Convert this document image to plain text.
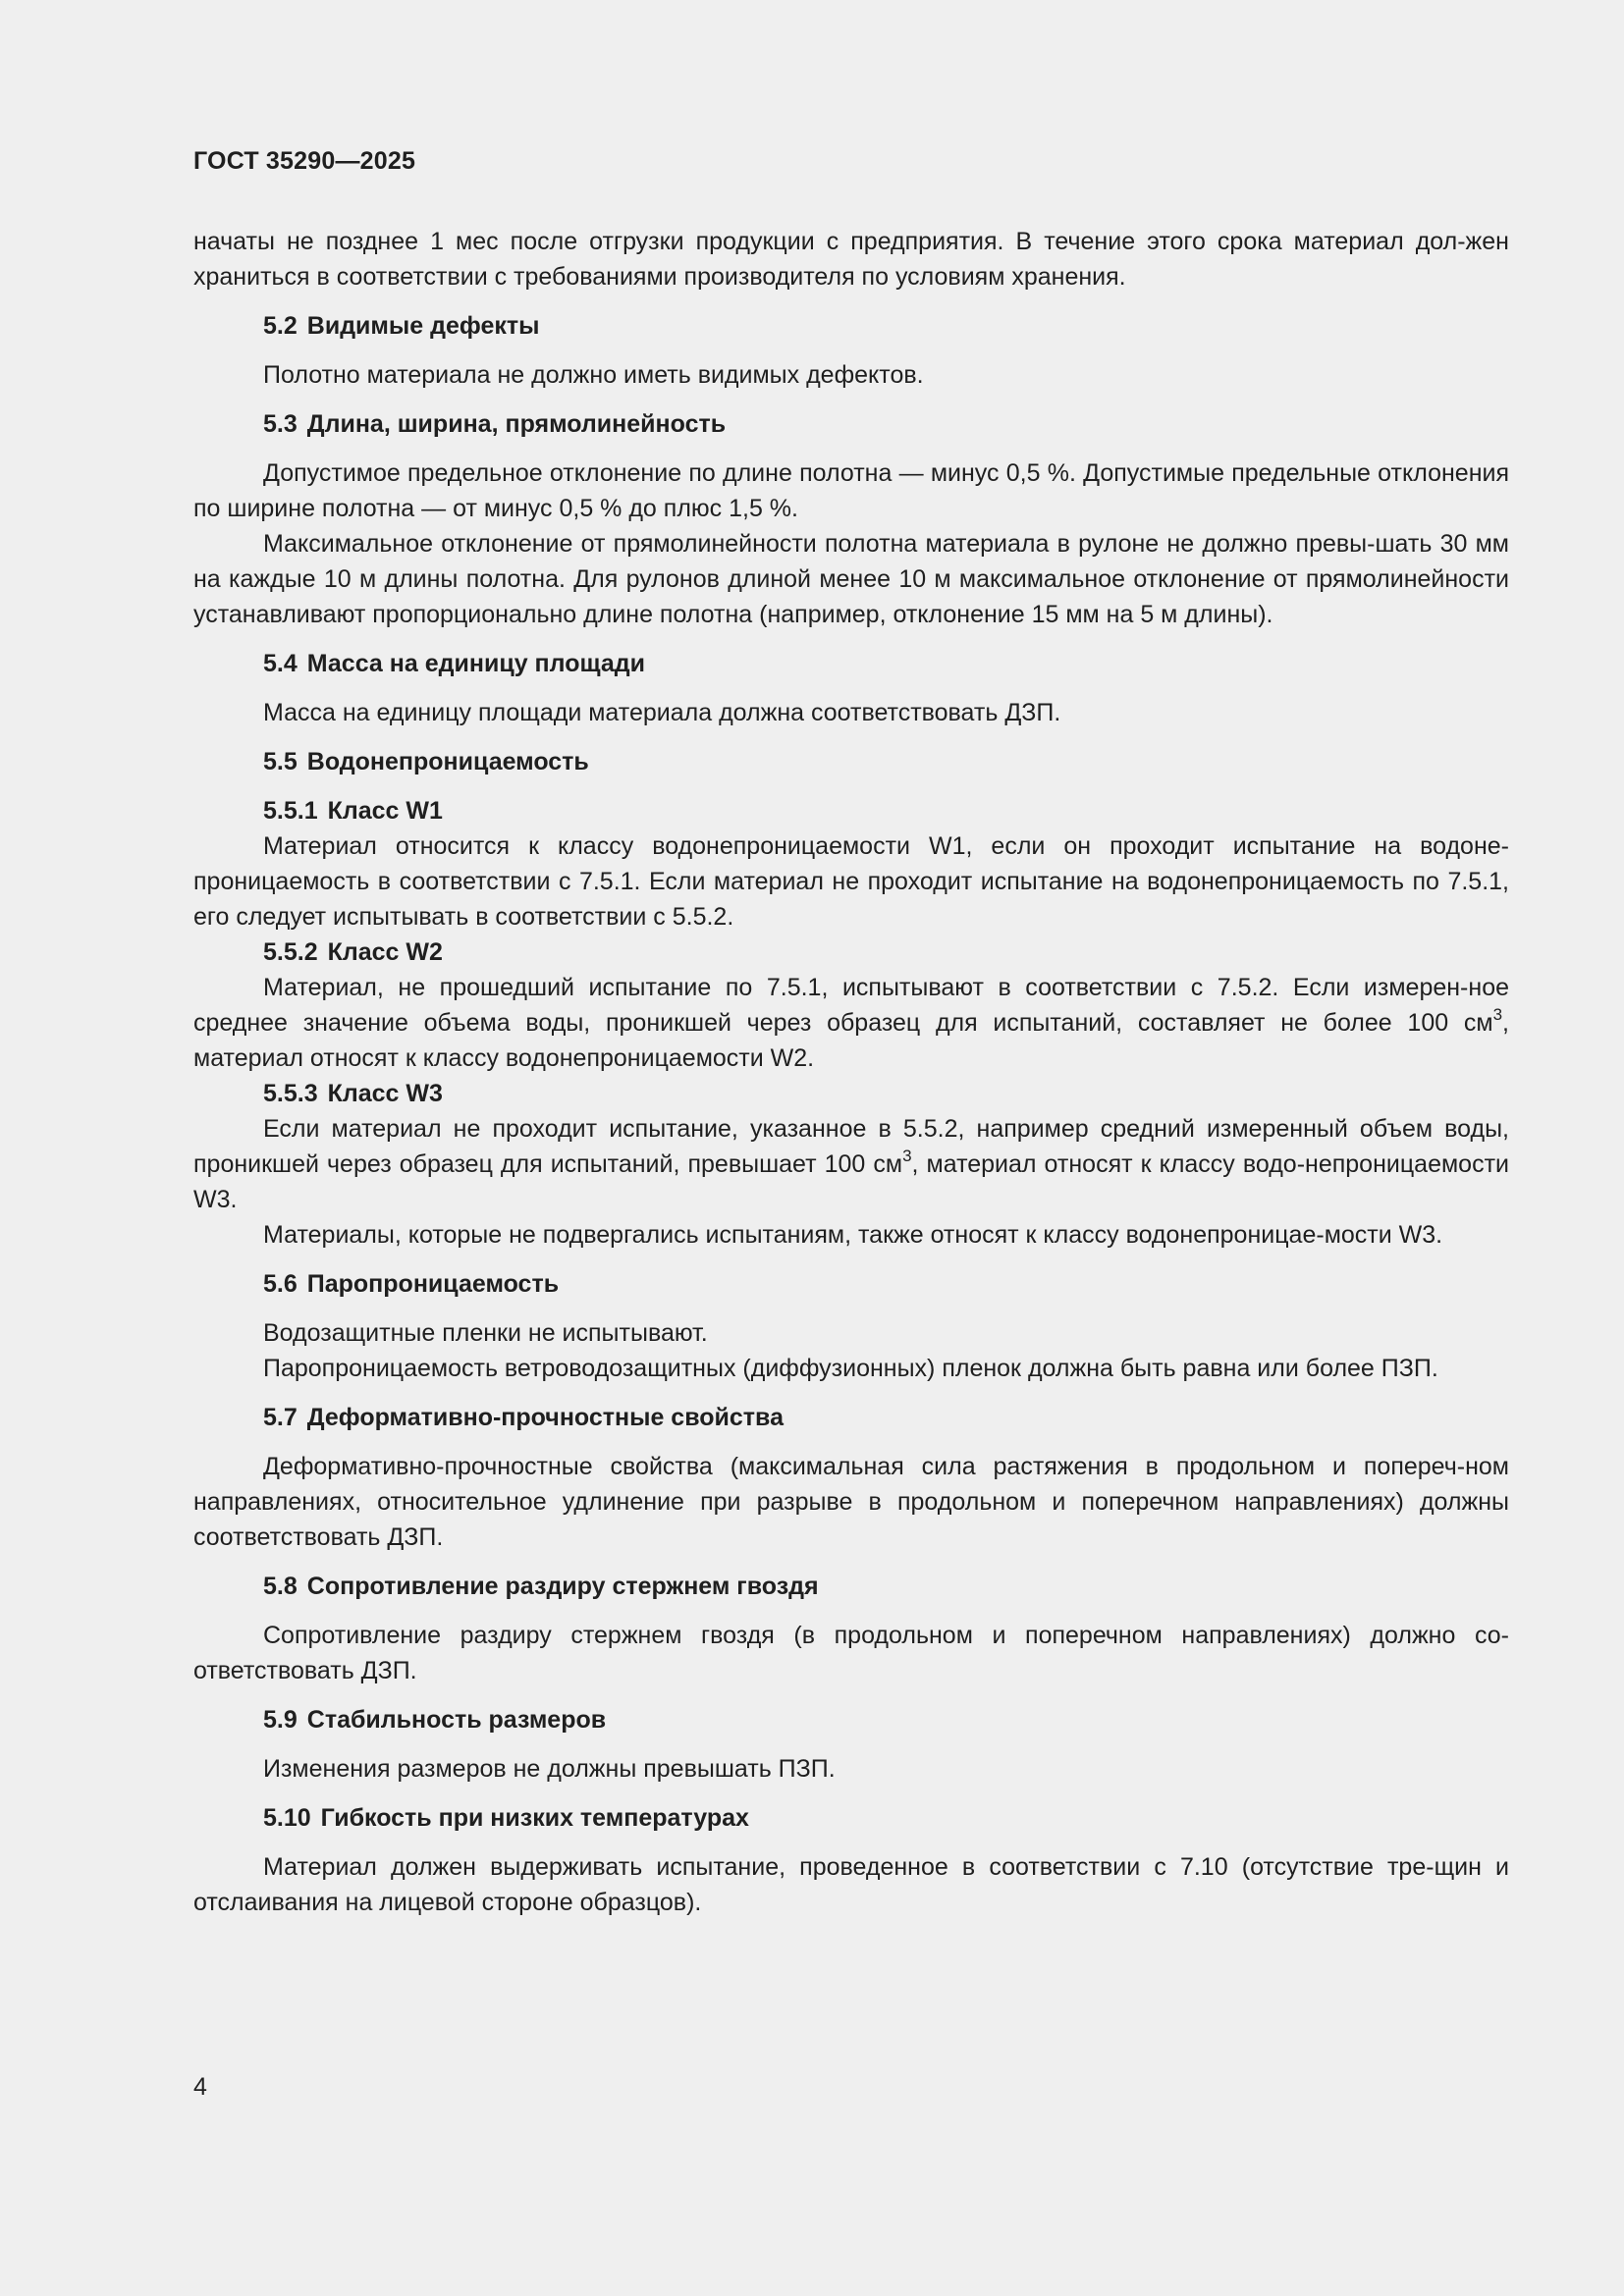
ГОСТ 35290—2025

начаты не позднее 1 мес после отгрузки продукции с предприятия. В течение этого срока материал дол-жен храниться в соответствии с требованиями производителя по условиям хранения.

5.2 Видимые дефекты

Полотно материала не должно иметь видимых дефектов.

5.3 Длина, ширина, прямолинейность

Допустимое предельное отклонение по длине полотна — минус 0,5 %. Допустимые предельные отклонения по ширине полотна — от минус 0,5 % до плюс 1,5 %.

Максимальное отклонение от прямолинейности полотна материала в рулоне не должно превы-шать 30 мм на каждые 10 м длины полотна. Для рулонов длиной менее 10 м максимальное отклонение от прямолинейности устанавливают пропорционально длине полотна (например, отклонение 15 мм на 5 м длины).

5.4 Масса на единицу площади

Масса на единицу площади материала должна соответствовать ДЗП.

5.5 Водонепроницаемость
5.5.1 Класс W1

Материал относится к классу водонепроницаемости W1, если он проходит испытание на водоне-проницаемость в соответствии с 7.5.1. Если материал не проходит испытание на водонепроницаемость по 7.5.1, его следует испытывать в соответствии с 5.5.2.

5.5.2 Класс W2

Материал, не прошедший испытание по 7.5.1, испытывают в соответствии с 7.5.2. Если измерен-ное среднее значение объема воды, проникшей через образец для испытаний, составляет не более 100 $см^3$, материал относят к классу водонепроницаемости W2.

5.5.3 Класс W3

Если материал не проходит испытание, указанное в 5.5.2, например средний измеренный объем воды, проникшей через образец для испытаний, превышает 100 $см^3$, материал относят к классу водо-непроницаемости W3.

Материалы, которые не подвергались испытаниям, также относят к классу водонепроницае-мости W3.

5.6 Паропроницаемость

Водозащитные пленки не испытывают.

Паропроницаемость ветроводозащитных (диффузионных) пленок должна быть равна или более ПЗП.

5.7 Деформативно-прочностные свойства

Деформативно-прочностные свойства (максимальная сила растяжения в продольном и попереч-ном направлениях, относительное удлинение при разрыве в продольном и поперечном направлениях) должны соответствовать ДЗП.

5.8 Сопротивление раздиру стержнем гвоздя

Сопротивление раздиру стержнем гвоздя (в продольном и поперечном направлениях) должно со-ответствовать ДЗП.

5.9 Стабильность размеров

Изменения размеров не должны превышать ПЗП.

5.10 Гибкость при низких температурах

Материал должен выдерживать испытание, проведенное в соответствии с 7.10 (отсутствие тре-щин и отслаивания на лицевой стороне образцов).

4
